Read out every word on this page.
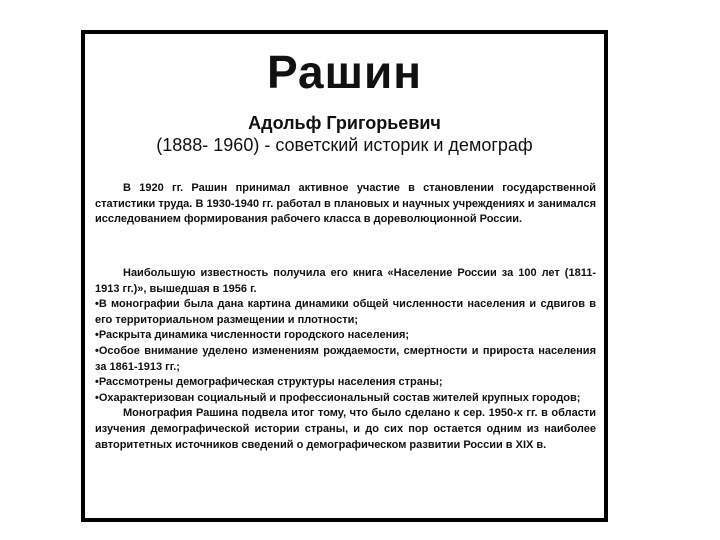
Рашин
Адольф Григорьевич
(1888- 1960) - советский историк и демограф

В 1920 гг. Рашин принимал активное участие в становлении государственной статистики труда. В 1930-1940 гг. работал в плановых и научных учреждениях и занимался исследованием формирования рабочего класса в дореволюционной России.

Наибольшую известность получила его книга «Население России за 100 лет (1811-1913 гг.)», вышедшая в 1956 г.

•В монографии была дана картина динамики общей численности населения и сдвигов в его территориальном размещении и плотности;

•Раскрыта динамика численности городского населения;

•Особое внимание уделено изменениям рождаемости, смертности и прироста населения за 1861-1913 гг.;

•Рассмотрены демографическая структуры населения страны;

•Охарактеризован социальный и профессиональный состав жителей крупных городов;

Монография Рашина подвела итог тому, что было сделано к сер. 1950-х гг. в области изучения демографической истории страны, и до сих пор остается одним из наиболее авторитетных источников сведений о демографическом развитии России в XIX в.
